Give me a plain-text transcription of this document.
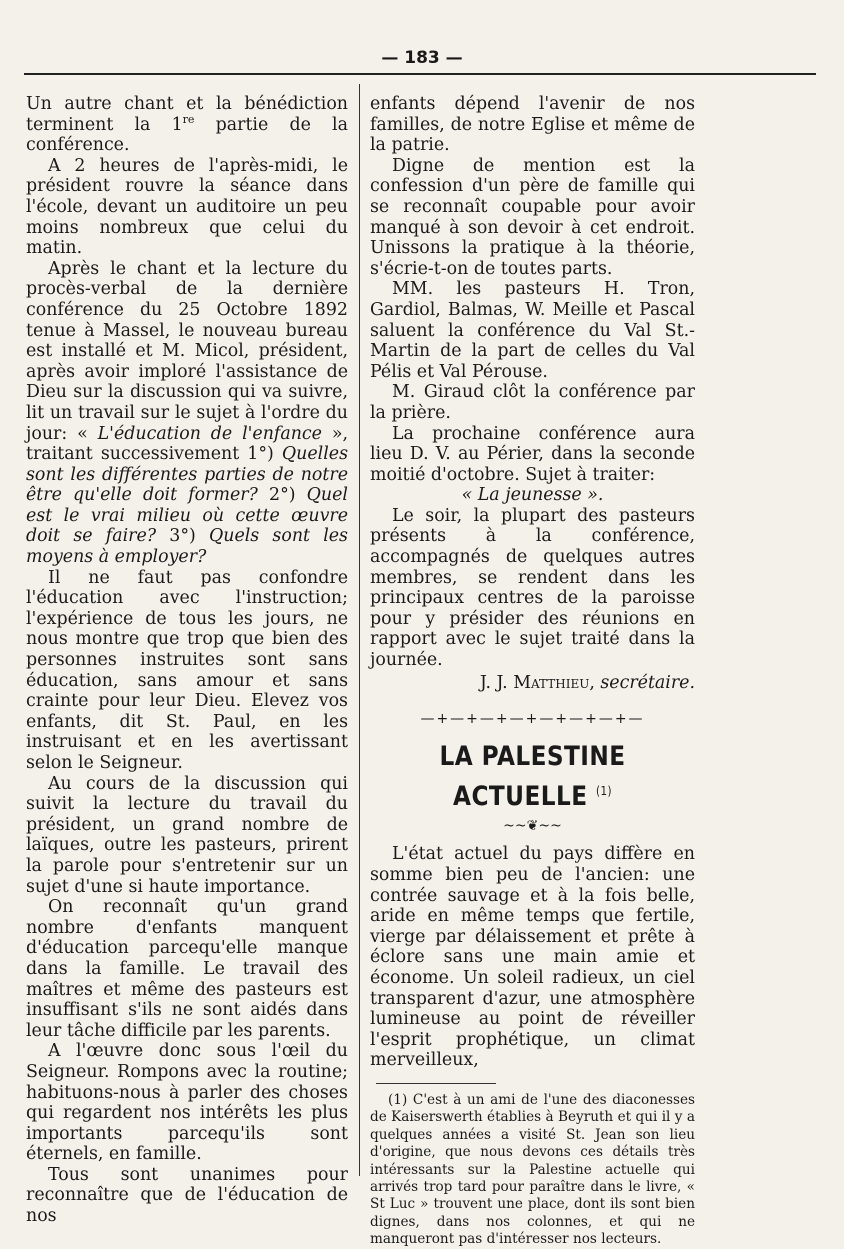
— 183 —

Un autre chant et la bénédiction terminent la 1re partie de la conférence.

A 2 heures de l'après-midi, le président rouvre la séance dans l'école, devant un auditoire un peu moins nombreux que celui du matin.

Après le chant et la lecture du procès-verbal de la dernière conférence du 25 Octobre 1892 tenue à Massel, le nouveau bureau est installé et M. Micol, président, après avoir imploré l'assistance de Dieu sur la discussion qui va suivre, lit un travail sur le sujet à l'ordre du jour: « L'éducation de l'enfance », traitant successivement 1°) Quelles sont les différentes parties de notre être qu'elle doit former? 2°) Quel est le vrai milieu où cette œuvre doit se faire? 3°) Quels sont les moyens à employer?

Il ne faut pas confondre l'éducation avec l'instruction; l'expérience de tous les jours, ne nous montre que trop que bien des personnes instruites sont sans éducation, sans amour et sans crainte pour leur Dieu. Elevez vos enfants, dit St. Paul, en les instruisant et en les avertissant selon le Seigneur.

Au cours de la discussion qui suivit la lecture du travail du président, un grand nombre de laïques, outre les pasteurs, prirent la parole pour s'entretenir sur un sujet d'une si haute importance.

On reconnaît qu'un grand nombre d'enfants manquent d'éducation parcequ'elle manque dans la famille. Le travail des maîtres et même des pasteurs est insuffisant s'ils ne sont aidés dans leur tâche difficile par les parents.

A l'œuvre donc sous l'œil du Seigneur. Rompons avec la routine; habituons-nous à parler des choses qui regardent nos intérêts les plus importants parcequ'ils sont éternels, en famille.

Tous sont unanimes pour reconnaître que de l'éducation de nos

enfants dépend l'avenir de nos familles, de notre Eglise et même de la patrie.

Digne de mention est la confession d'un père de famille qui se reconnaît coupable pour avoir manqué à son devoir à cet endroit. Unissons la pratique à la théorie, s'écrie-t-on de toutes parts.

MM. les pasteurs H. Tron, Gardiol, Balmas, W. Meille et Pascal saluent la conférence du Val St.-Martin de la part de celles du Val Pélis et Val Pérouse.

M. Giraud clôt la conférence par la prière.

La prochaine conférence aura lieu D. V. au Périer, dans la seconde moitié d'octobre. Sujet à traiter:

« La jeunesse ».

Le soir, la plupart des pasteurs présents à la conférence, accompagnés de quelques autres membres, se rendent dans les principaux centres de la paroisse pour y présider des réunions en rapport avec le sujet traité dans la journée.

J. J. Matthieu, secrétaire.

—+—+—+—+—+—+—+—
LA PALESTINE ACTUELLE $^{(1)}$
~~❦~~

L'état actuel du pays diffère en somme bien peu de l'ancien: une contrée sauvage et à la fois belle, aride en même temps que fertile, vierge par délaissement et prête à éclore sans une main amie et économe. Un soleil radieux, un ciel transparent d'azur, une atmosphère lumineuse au point de réveiller l'esprit prophétique, un climat merveilleux,

(1) C'est à un ami de l'une des diaconesses de Kaiserswerth établies à Beyruth et qui il y a quelques années a visité St. Jean son lieu d'origine, que nous devons ces détails très intéressants sur la Palestine actuelle qui arrivés trop tard pour paraître dans le livre, « St Luc » trouvent une place, dont ils sont bien dignes, dans nos colonnes, et qui ne manqueront pas d'intéresser nos lecteurs.
